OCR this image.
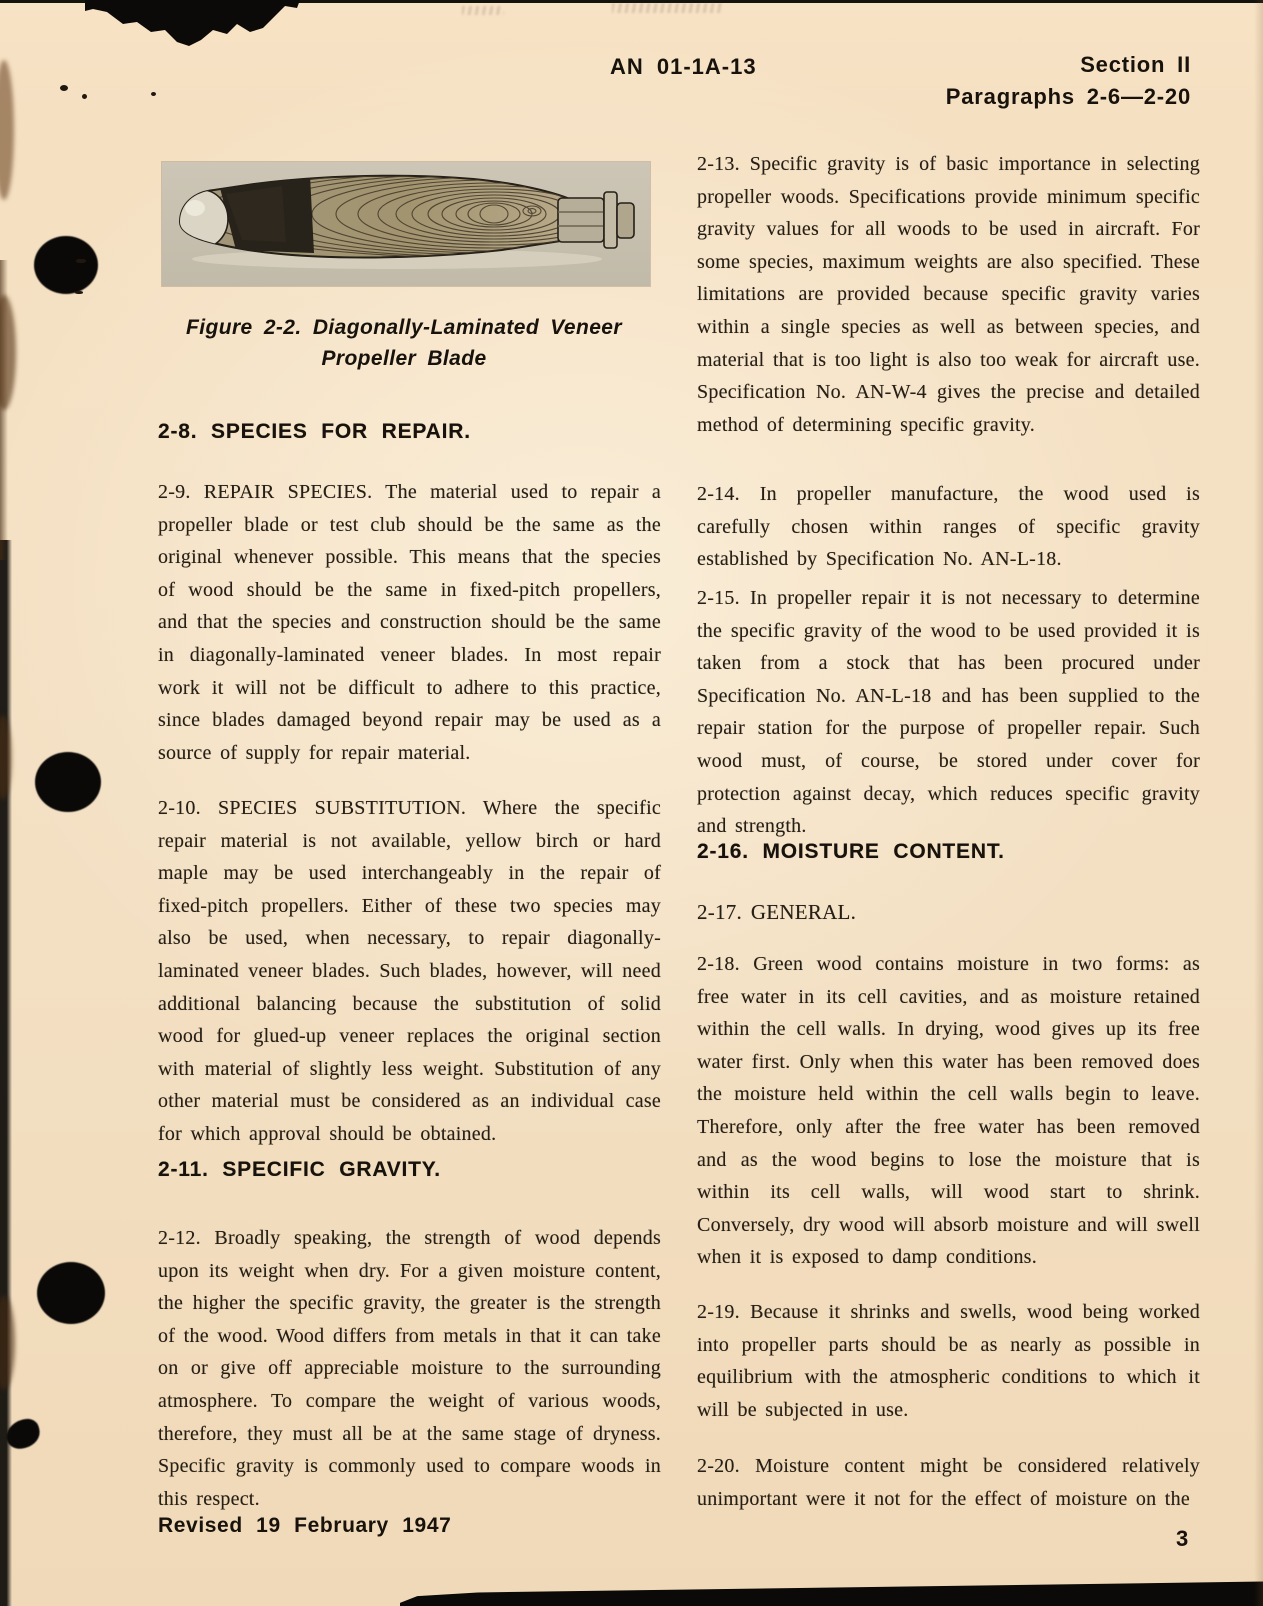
AN 01-1A-13	Section II
Paragraphs 2-6—2-20
Figure 2-2. Diagonally-Laminated Veneer
Propeller Blade
2-8. SPECIES FOR REPAIR.
2-9. REPAIR SPECIES. The material used to repair a propeller blade or test club should be the same as the original whenever possible. This means that the species of wood should be the same in fixed-pitch propellers, and that the species and construction should be the same in diagonally-laminated veneer blades. In most repair work it will not be difficult to adhere to this practice, since blades damaged beyond repair may be used as a source of supply for repair material.
2-10. SPECIES SUBSTITUTION. Where the specific repair material is not available, yellow birch or hard maple may be used interchangeably in the repair of fixed-pitch propellers. Either of these two species may also be used, when necessary, to repair diagonally-laminated veneer blades. Such blades, however, will need additional balancing because the substitution of solid wood for glued-up veneer replaces the original section with material of slightly less weight. Substitution of any other material must be considered as an individual case for which approval should be obtained.
2-11. SPECIFIC GRAVITY.
2-12. Broadly speaking, the strength of wood depends upon its weight when dry. For a given moisture content, the higher the specific gravity, the greater is the strength of the wood. Wood differs from metals in that it can take on or give off appreciable moisture to the surrounding atmosphere. To compare the weight of various woods, therefore, they must all be at the same stage of dryness. Specific gravity is commonly used to compare woods in this respect.
2-13. Specific gravity is of basic importance in selecting propeller woods. Specifications provide minimum specific gravity values for all woods to be used in aircraft. For some species, maximum weights are also specified. These limitations are provided because specific gravity varies within a single species as well as between species, and material that is too light is also too weak for aircraft use. Specification No. AN-W-4 gives the precise and detailed method of determining specific gravity.
2-14. In propeller manufacture, the wood used is carefully chosen within ranges of specific gravity established by Specification No. AN-L-18.
2-15. In propeller repair it is not necessary to determine the specific gravity of the wood to be used provided it is taken from a stock that has been procured under Specification No. AN-L-18 and has been supplied to the repair station for the purpose of propeller repair. Such wood must, of course, be stored under cover for protection against decay, which reduces specific gravity and strength.
2-16. MOISTURE CONTENT.
2-17. GENERAL.
2-18. Green wood contains moisture in two forms: as free water in its cell cavities, and as moisture retained within the cell walls. In drying, wood gives up its free water first. Only when this water has been removed does the moisture held within the cell walls begin to leave. Therefore, only after the free water has been removed and as the wood begins to lose the moisture that is within its cell walls, will wood start to shrink. Conversely, dry wood will absorb moisture and will swell when it is exposed to damp conditions.
2-19. Because it shrinks and swells, wood being worked into propeller parts should be as nearly as possible in equilibrium with the atmospheric conditions to which it will be subjected in use.
2-20. Moisture content might be considered relatively unimportant were it not for the effect of moisture on the
Revised 19 February 1947
3
